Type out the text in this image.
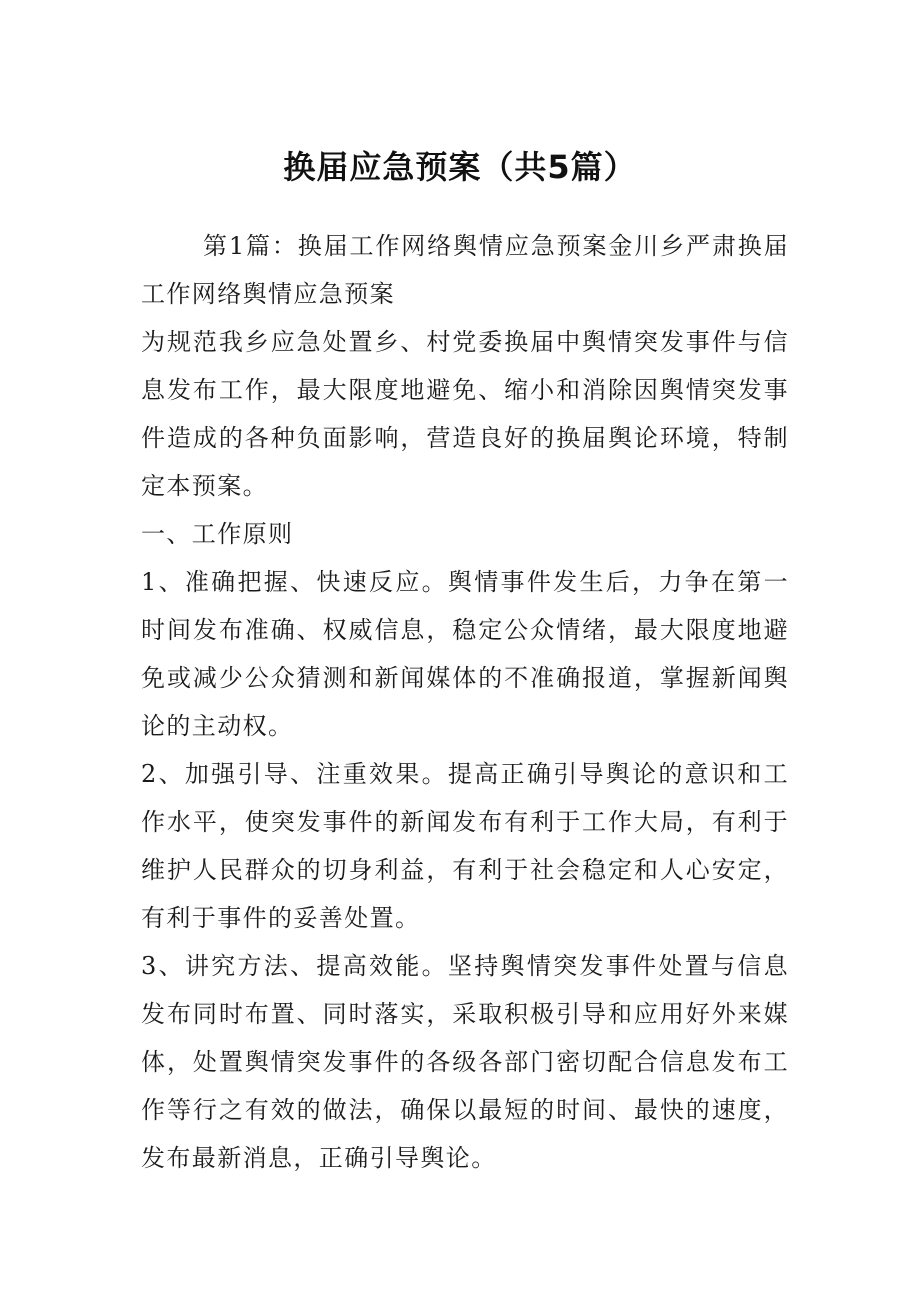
换届应急预案（共5篇）

第1篇：换届工作网络舆情应急预案金川乡严肃换届工作网络舆情应急预案

为规范我乡应急处置乡、村党委换届中舆情突发事件与信息发布工作，最大限度地避免、缩小和消除因舆情突发事件造成的各种负面影响，营造良好的换届舆论环境，特制定本预案。

一、工作原则

1、准确把握、快速反应。舆情事件发生后，力争在第一时间发布准确、权威信息，稳定公众情绪，最大限度地避免或减少公众猜测和新闻媒体的不准确报道，掌握新闻舆论的主动权。

2、加强引导、注重效果。提高正确引导舆论的意识和工作水平，使突发事件的新闻发布有利于工作大局，有利于维护人民群众的切身利益，有利于社会稳定和人心安定，有利于事件的妥善处置。

3、讲究方法、提高效能。坚持舆情突发事件处置与信息发布同时布置、同时落实，采取积极引导和应用好外来媒体，处置舆情突发事件的各级各部门密切配合信息发布工作等行之有效的做法，确保以最短的时间、最快的速度，发布最新消息，正确引导舆论。
